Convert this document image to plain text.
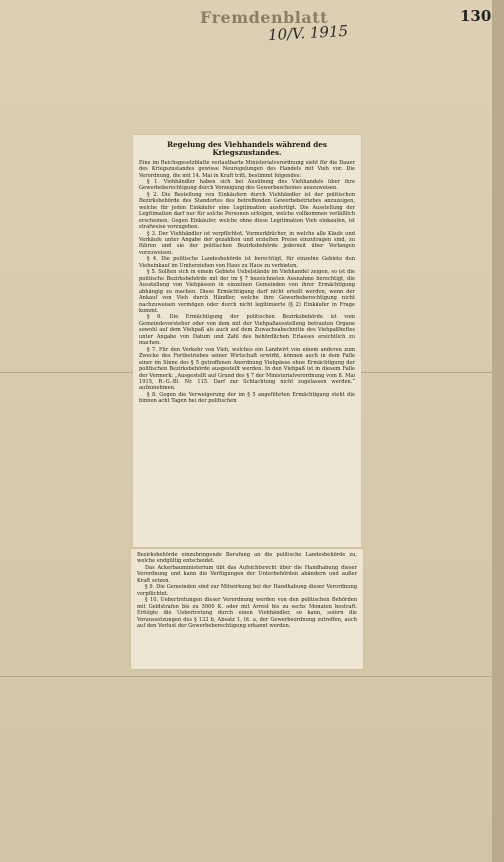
Fremdenblatt	130
10/V. 1915
Regelung des Viehhandels während des Kriegszustandes.

Eine im Reichsgesetzblatte verlautbarte Ministerialverordnung sieht für die Dauer des Kriegszustandes gewisse Neuregelungen des Handels mit Vieh vor. Die Verordnung, die mit 14. Mai in Kraft tritt, bestimmt folgendes:

§ 1. Viehhändler haben sich bei Ausübung des Viehhandels über ihre Gewerbeberechtigung durch Vorzeigung des Gewerbescheines auszuweisen.

§ 2. Die Bestellung von Einkäufern durch Viehhändler ist der politischen Bezirksbehörde des Standortes des betreffenden Gewerbebetriebes anzuzeigen, welche für jeden Einkäufer eine Legitimation ausfertigt. Die Ausstellung der Legitimation darf nur für solche Personen erfolgen, welche vollkommen verläßlich erscheinen. Gegen Einkäufer, welche ohne diese Legitimation Vieh einkaufen, ist strafweise vorzugehen.

§ 3. Der Viehhändler ist verpflichtet, Vormerkbücher, in welche alle Käufe und Verkäufe unter Angabe der gezahlten und erzielten Preise einzutragen sind, zu führen und sie der politischen Bezirksbehörde jederzeit über Verlangen vorzuweisen.

§ 4. Die politische Landesbehörde ist berechtigt, für einzelne Gebiete den Vieheinkauf im Umherziehen von Haus zu Haus zu verbieten.

§ 5. Sollten sich in einem Gebiete Uebelstände im Viehhandel zeigen, so ist die politische Bezirksbehörde mit der im § 7 bezeichneten Ausnahme berechtigt, die Ausstellung von Viehpässen in einzelnen Gemeinden von ihrer Ermächtigung abhängig zu machen. Diese Ermächtigung darf nicht erteilt werden, wenn der Ankauf von Vieh durch Händler, welche ihre Gewerbeberechtigung nicht nachzuweisen vermögen oder durch nicht legitimierte (§ 2) Einkäufer in Frage kommt.

§ 6. Die Ermächtigung der politischen Bezirksbehörde ist vom Gemeindevorsteher oder von dem mit der Viehpaßausstellung betrauten Organe sowohl auf dem Viehpaß als auch auf dem Zuwachsabschnitte des Viehpaßheftes unter Angabe von Datum und Zahl des behördlichen Erlasses ersichtlich zu machen.

§ 7. Für den Verkehr von Vieh, welches ein Landwirt von einem anderen zum Zwecke des Fortbetriebes seiner Wirtschaft erwirbt, können auch in dem Falle einer im Sinne des § 5 getroffenen Anordnung Viehpässe ohne Ermächtigung der politischen Bezirksbehörde ausgestellt werden. In den Viehpaß ist in diesem Falle der Vermerk: „Ausgestellt auf Grund des § 7 der Ministerialverordnung vom 8. Mai 1915, R.-G.-Bl. Nr. 115. Darf zur Schlachtung nicht zugelassen werden.“ aufzunehmen.

§ 8. Gegen die Verweigerung der im § 5 angeführten Ermächtigung steht die binnen acht Tagen bei der politischen

Bezirksbehörde einzubringende Berufung an die politische Landesbehörde zu, welche endgültig entscheidet.

Das Ackerbauministerium übt das Aufsichtsrecht über die Handhabung dieser Verordnung und kann die Verfügungen der Unterbehörden abändern und außer Kraft setzen.

§ 9. Die Gemeinden sind zur Mitwirkung bei der Handhabung dieser Verordnung verpflichtet.

§ 10. Uebertretungen dieser Verordnung werden von den politischen Behörden mit Geldstrafen bis zu 5000 K. oder mit Arrest bis zu sechs Monaten bestraft. Erfolgte die Uebertretung durch einen Viehhändler, so kann, sofern die Voraussetzungen des § 133 b, Absatz 1, lit. a, der Gewerbeordnung zutreffen, auch auf den Verlust der Gewerbeberechtigung erkannt werden.
